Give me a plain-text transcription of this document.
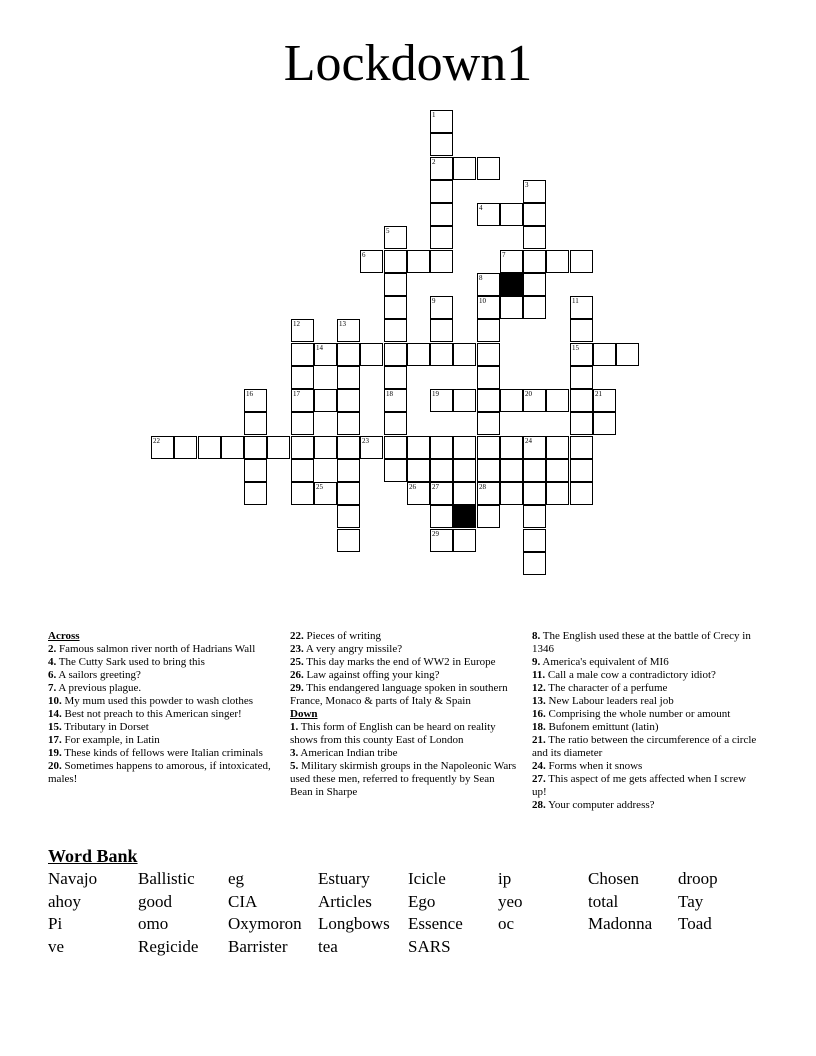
Lockdown1
2
4
6	7
8
10
14	15
17	19	20	21
22	23	24
25	26 27	28
29
1
3
5
18
9	11
12	13
16
Across
2. Famous salmon river north of Hadrians Wall
4. The Cutty Sark used to bring this
6. A sailors greeting?
7. A previous plague.
10. My mum used this powder to wash clothes
14. Best not preach to this American singer!
15. Tributary in Dorset
17. For example, in Latin
19. These kinds of fellows were Italian criminals
20. Sometimes happens to amorous, if intoxicated, males!
22. Pieces of writing
23. A very angry missile?
25. This day marks the end of WW2 in Europe
26. Law against offing your king?
29. This endangered language spoken in southern France, Monaco & parts of Italy & Spain
Down
1. This form of English can be heard on reality shows from this county East of London
3. American Indian tribe
5. Military skirmish groups in the Napoleonic Wars used these men, referred to frequently by Sean Bean in Sharpe
8. The English used these at the battle of Crecy in 1346
9. America's equivalent of MI6
11. Call a male cow a contradictory idiot?
12. The character of a perfume
13. New Labour leaders real job
16. Comprising the whole number or amount
18. Bufonem emittunt (latin)
21. The ratio between the circumference of a circle and its diameter
24. Forms when it snows
27. This aspect of me gets affected when I screw up!
28. Your computer address?
Word Bank
Navajo	Ballistic	eg	Estuary	Icicle	ip	Chosen	droop
ahoy	good	CIA	Articles	Ego	yeo	total	Tay
Pi	omo	Oxymoron Longbows	Essence	oc	Madonna	Toad
ve	Regicide	Barrister	tea	SARS
